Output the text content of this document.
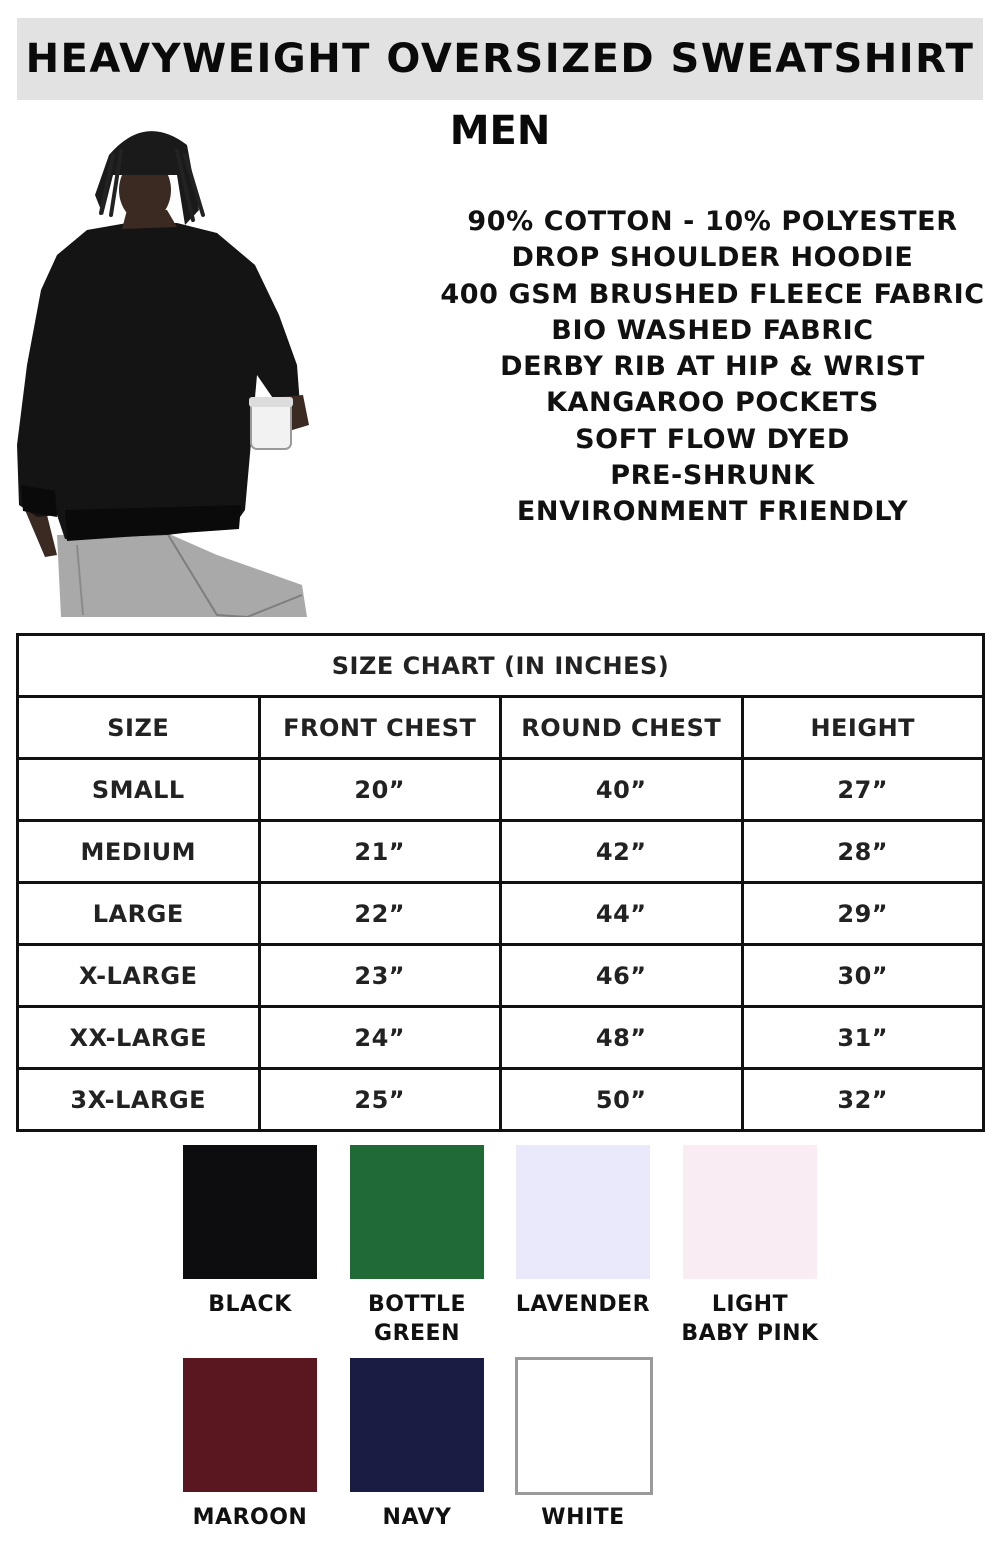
HEAVYWEIGHT OVERSIZED SWEATSHIRT
MEN
90% COTTON - 10% POLYESTER
DROP SHOULDER HOODIE
400 GSM BRUSHED FLEECE FABRIC
BIO WASHED FABRIC
DERBY RIB AT HIP & WRIST
KANGAROO POCKETS
SOFT FLOW DYED
PRE-SHRUNK
ENVIRONMENT FRIENDLY
SIZE CHART (IN INCHES)			
SIZE	FRONT CHEST	ROUND CHEST	HEIGHT
SMALL	20”	40”	27”
MEDIUM	21”	42”	28”
LARGE	22”	44”	29”
X-LARGE	23”	46”	30”
XX-LARGE	24”	48”	31”
3X-LARGE	25”	50”	32”
BLACK	BOTTLE
GREEN
LAVENDER	LIGHT
BABY PINK
MAROON	NAVY	WHITE
